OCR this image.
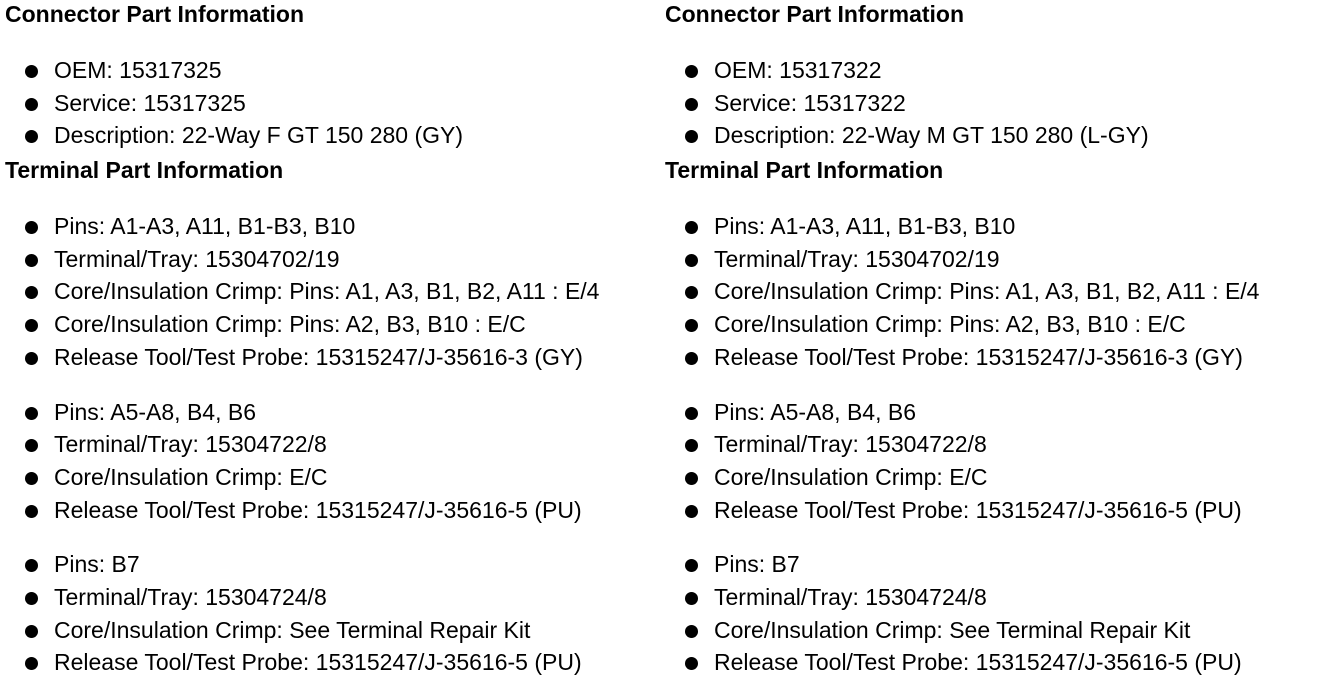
Connector Part Information
OEM: 15317325
Service: 15317325
Description: 22-Way F GT 150 280 (GY)
Terminal Part Information
Pins: A1-A3, A11, B1-B3, B10
Terminal/Tray: 15304702/19
Core/Insulation Crimp: Pins: A1, A3, B1, B2, A11 : E/4
Core/Insulation Crimp: Pins: A2, B3, B10 : E/C
Release Tool/Test Probe: 15315247/J-35616-3 (GY)
Pins: A5-A8, B4, B6
Terminal/Tray: 15304722/8
Core/Insulation Crimp: E/C
Release Tool/Test Probe: 15315247/J-35616-5 (PU)
Pins: B7
Terminal/Tray: 15304724/8
Core/Insulation Crimp: See Terminal Repair Kit
Release Tool/Test Probe: 15315247/J-35616-5 (PU)
Connector Part Information
OEM: 15317322
Service: 15317322
Description: 22-Way M GT 150 280 (L-GY)
Terminal Part Information
Pins: A1-A3, A11, B1-B3, B10
Terminal/Tray: 15304702/19
Core/Insulation Crimp: Pins: A1, A3, B1, B2, A11 : E/4
Core/Insulation Crimp: Pins: A2, B3, B10 : E/C
Release Tool/Test Probe: 15315247/J-35616-3 (GY)
Pins: A5-A8, B4, B6
Terminal/Tray: 15304722/8
Core/Insulation Crimp: E/C
Release Tool/Test Probe: 15315247/J-35616-5 (PU)
Pins: B7
Terminal/Tray: 15304724/8
Core/Insulation Crimp: See Terminal Repair Kit
Release Tool/Test Probe: 15315247/J-35616-5 (PU)
